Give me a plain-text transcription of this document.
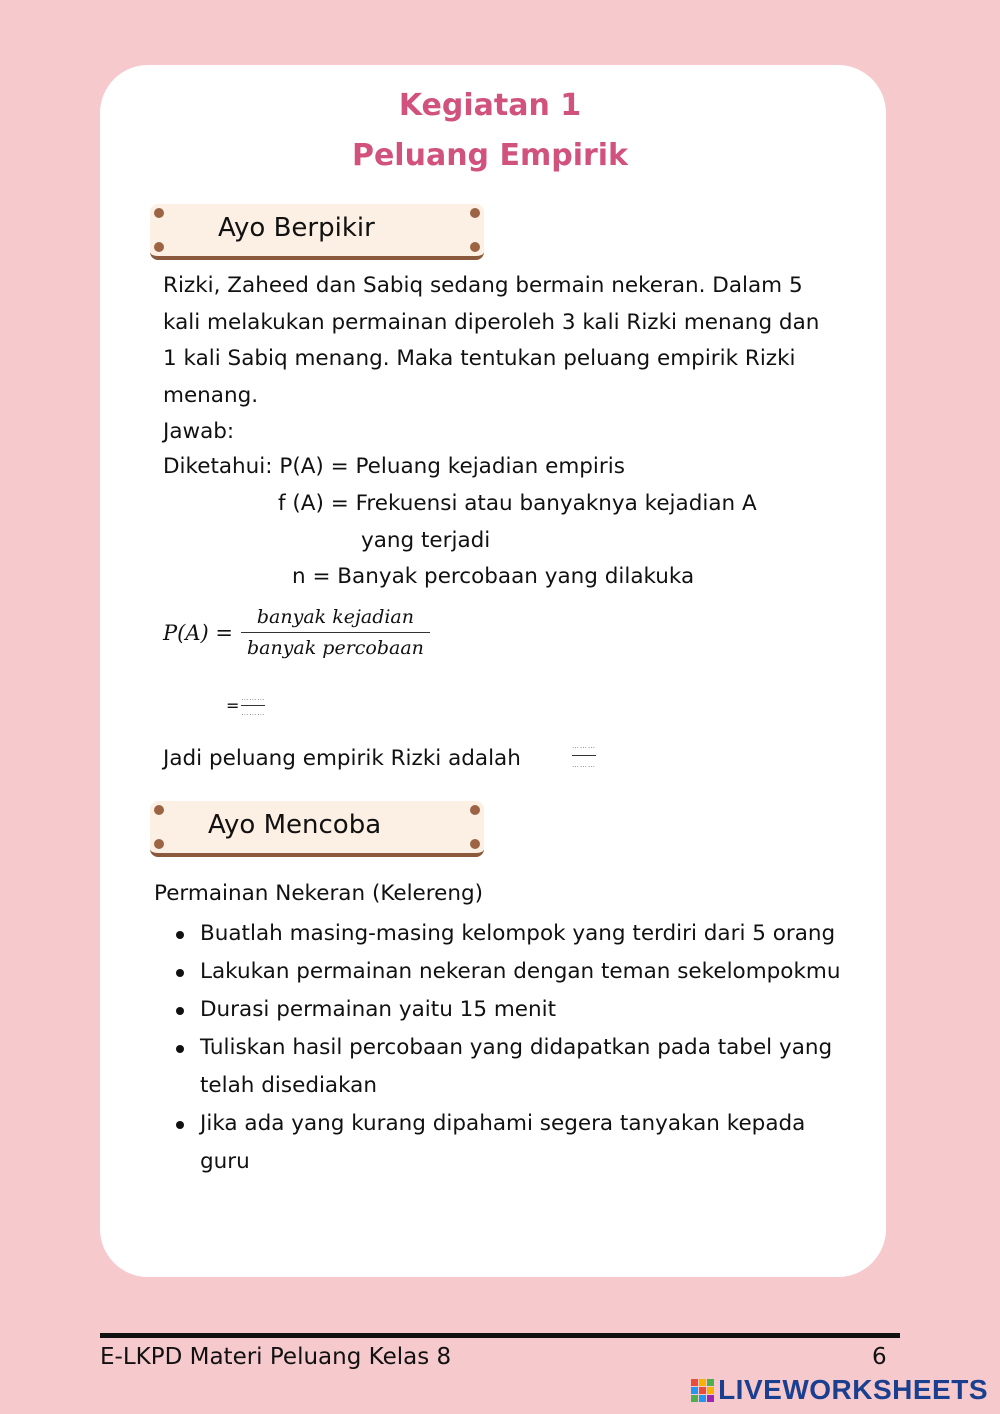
Kegiatan 1
Peluang Empirik
Ayo Berpikir
Rizki, Zaheed dan Sabiq sedang bermain nekeran. Dalam 5
kali melakukan permainan diperoleh 3 kali Rizki menang dan
1 kali Sabiq menang. Maka tentukan peluang empirik Rizki
menang.
Jawab:
Diketahui: P(A) = Peluang kejadian empiris
f (A) = Frekuensi atau banyaknya kejadian A
yang terjadi
n = Banyak percobaan yang dilakuka
$P(A) = \frac{\text{banyak kejadian}}{\text{banyak percobaan}}$
= ………
………
Jadi peluang empirik Rizki adalah	………
………
Ayo Mencoba
Permainan Nekeran (Kelereng)
Buatlah masing-masing kelompok yang terdiri dari 5 orang
Lakukan permainan nekeran dengan teman sekelompokmu
Durasi permainan yaitu 15 menit
Tuliskan hasil percobaan yang didapatkan pada tabel yang telah disediakan
Jika ada yang kurang dipahami segera tanyakan kepada guru
E-LKPD Materi Peluang Kelas 8	6
LIVEWORKSHEETS
